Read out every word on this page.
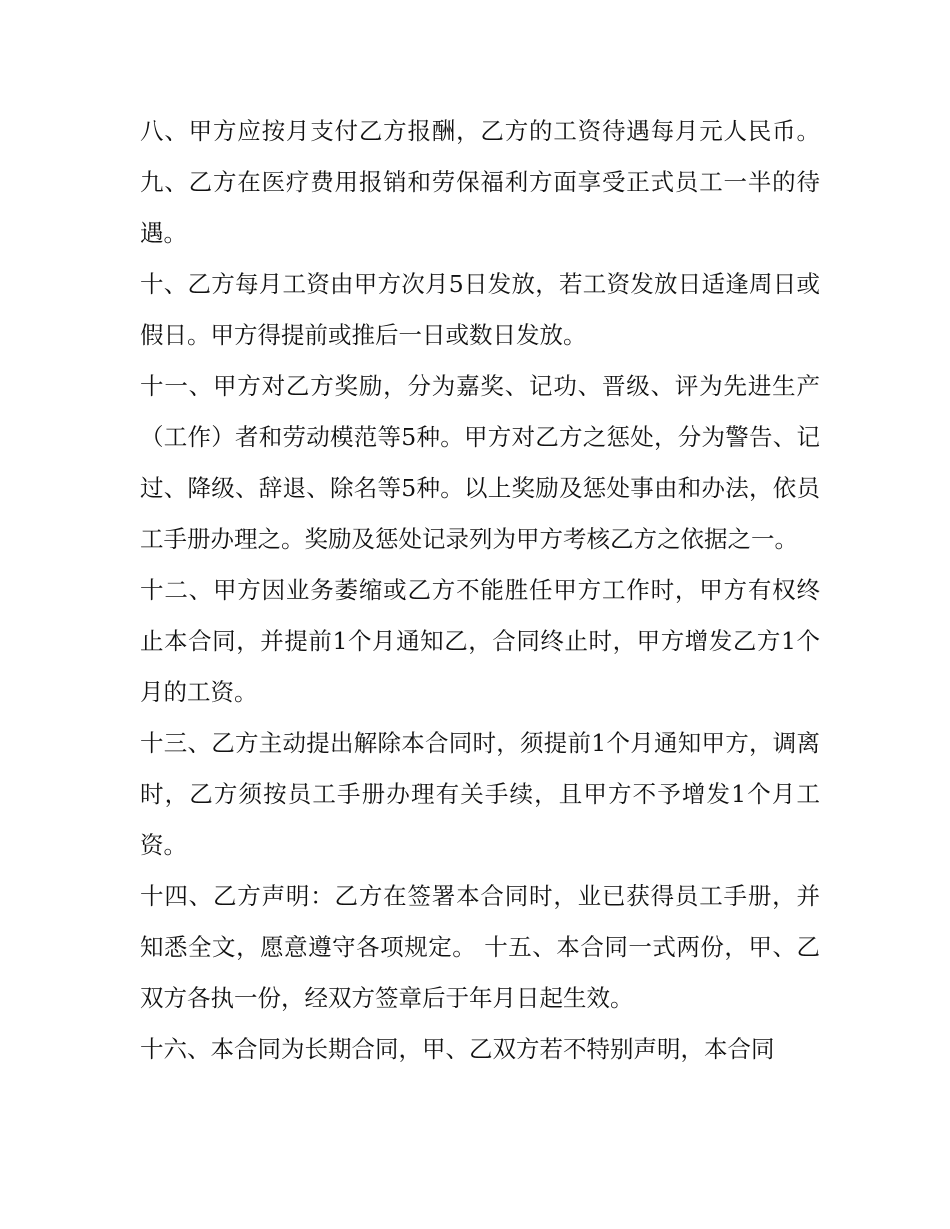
八、甲方应按月支付乙方报酬，乙方的工资待遇每月元人民币。 九、乙方在医疗费用报销和劳保福利方面享受正式员工一半的待遇。

十、乙方每月工资由甲方次月5日发放，若工资发放日适逢周日或假日。甲方得提前或推后一日或数日发放。

十一、甲方对乙方奖励，分为嘉奖、记功、晋级、评为先进生产（工作）者和劳动模范等5种。甲方对乙方之惩处，分为警告、记过、降级、辞退、除名等5种。以上奖励及惩处事由和办法，依员工手册办理之。奖励及惩处记录列为甲方考核乙方之依据之一。

十二、甲方因业务萎缩或乙方不能胜任甲方工作时，甲方有权终止本合同，并提前1个月通知乙，合同终止时，甲方增发乙方1个月的工资。

十三、乙方主动提出解除本合同时，须提前1个月通知甲方，调离时，乙方须按员工手册办理有关手续，且甲方不予增发1个月工资。

十四、乙方声明：乙方在签署本合同时，业已获得员工手册，并知悉全文，愿意遵守各项规定。 十五、本合同一式两份，甲、乙双方各执一份，经双方签章后于年月日起生效。

十六、本合同为长期合同，甲、乙双方若不特别声明，本合同
